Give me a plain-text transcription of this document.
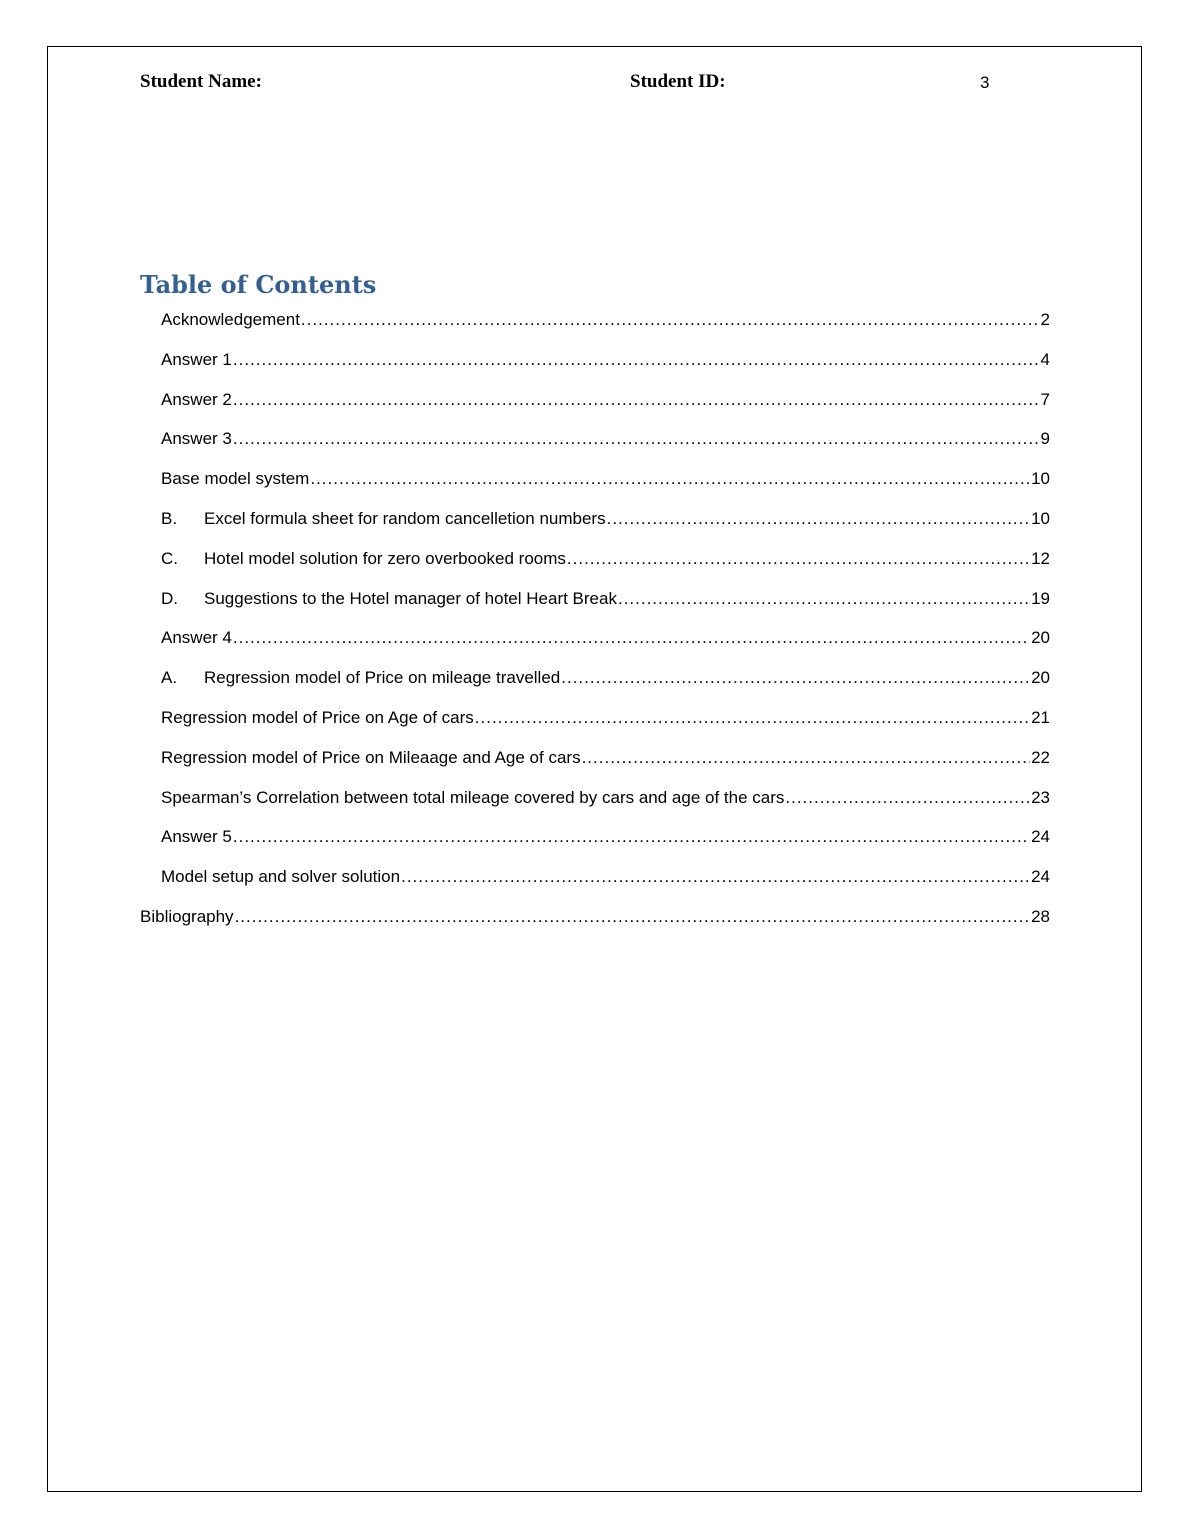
Student Name:	Student ID:	3
Table of Contents
Acknowledgement .....	2
Answer 1 .....	4
Answer 2 .....	7
Answer 3 .....	9
Base model system .....	10
B.	Excel formula sheet for random cancelletion numbers .....	10
C.	Hotel model solution for zero overbooked rooms .....	12
D.	Suggestions to the Hotel manager of hotel Heart Break .....	19
Answer 4 .....	20
A.	Regression model of Price on mileage travelled .....	20
Regression model of Price on Age of cars .....	21
Regression model of Price on Mileaage and Age of cars .....	22
Spearman’s Correlation between total mileage covered by cars and age of the cars .....	23
Answer 5 .....	24
Model setup and solver solution .....	24
Bibliography .....	28
